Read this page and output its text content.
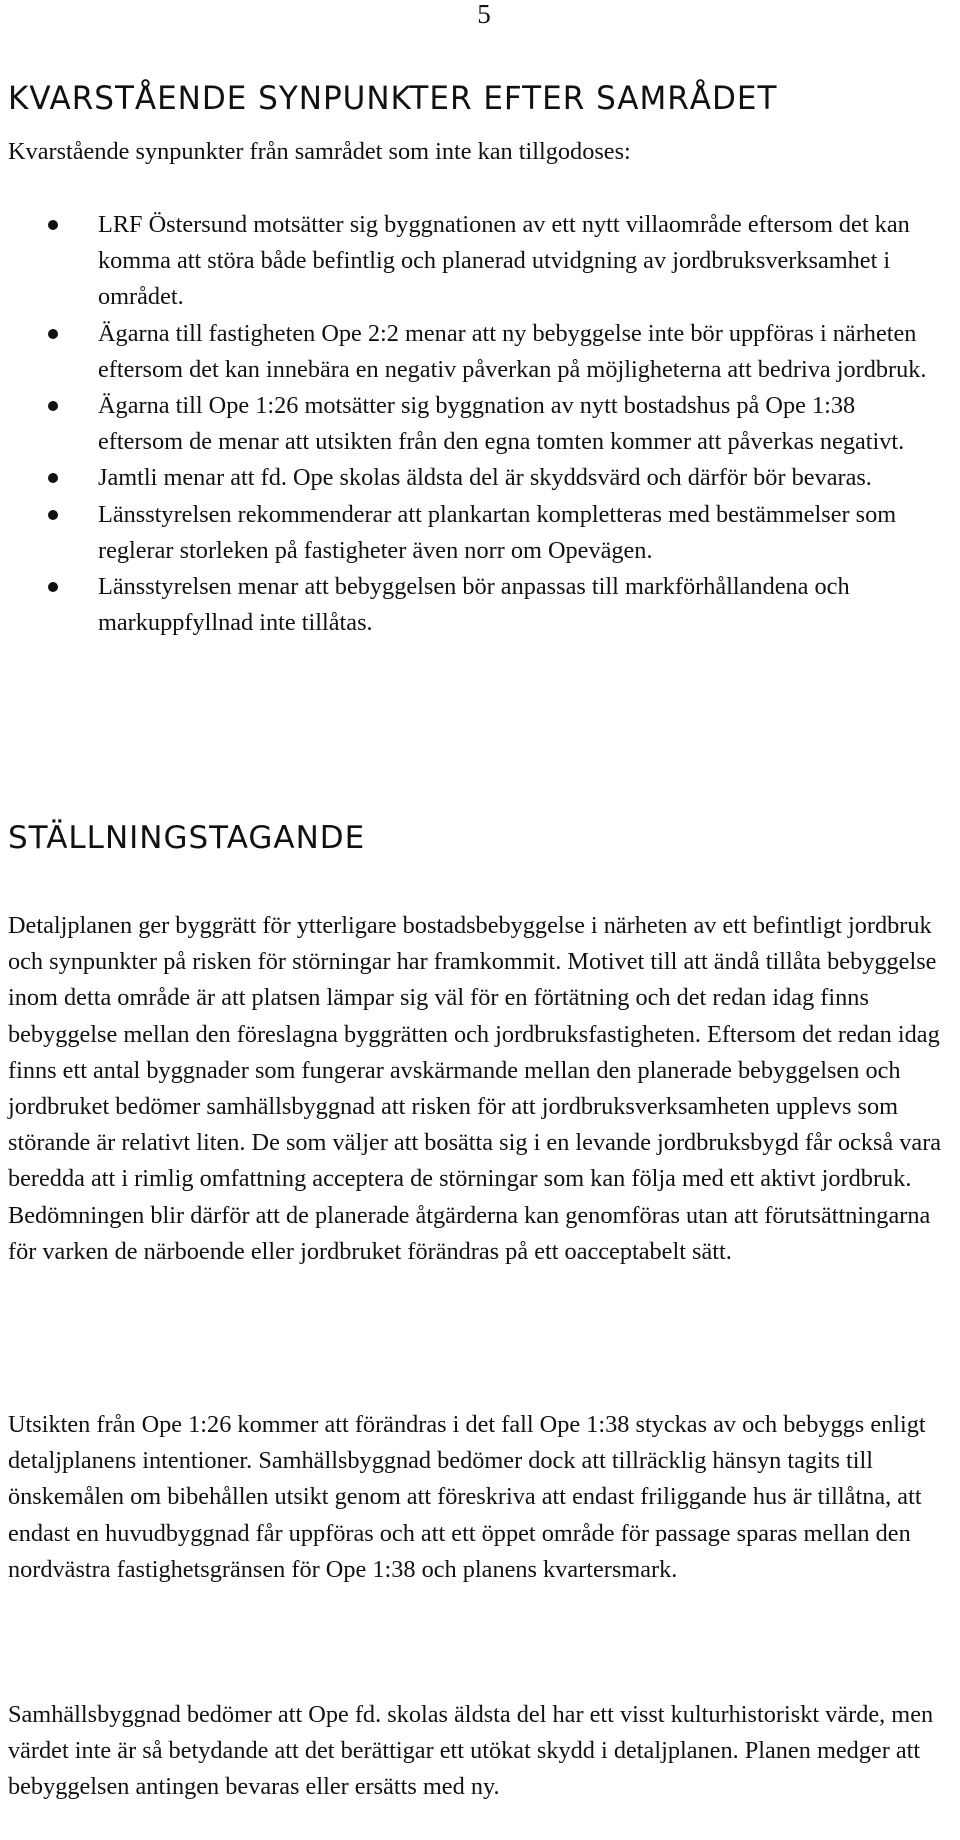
5
KVARSTÅENDE SYNPUNKTER EFTER SAMRÅDET

Kvarstående synpunkter från samrådet som inte kan tillgodoses:

LRF Östersund motsätter sig byggnationen av ett nytt villaområde eftersom det kan komma att störa både befintlig och planerad utvidgning av jordbruksverksamhet i området.
Ägarna till fastigheten Ope 2:2 menar att ny bebyggelse inte bör uppföras i närheten eftersom det kan innebära en negativ påverkan på möjligheterna att bedriva jordbruk.
Ägarna till Ope 1:26 motsätter sig byggnation av nytt bostadshus på Ope 1:38 eftersom de menar att utsikten från den egna tomten kommer att påverkas negativt.
Jamtli menar att fd. Ope skolas äldsta del är skyddsvärd och därför bör bevaras.
Länsstyrelsen rekommenderar att plankartan kompletteras med bestämmelser som reglerar storleken på fastigheter även norr om Opevägen.
Länsstyrelsen menar att bebyggelsen bör anpassas till markförhållandena och markuppfyllnad inte tillåtas.
STÄLLNINGSTAGANDE

Detaljplanen ger byggrätt för ytterligare bostadsbebyggelse i närheten av ett befintligt jordbruk och synpunkter på risken för störningar har framkommit. Motivet till att ändå tillåta bebyggelse inom detta område är att platsen lämpar sig väl för en förtätning och det redan idag finns bebyggelse mellan den föreslagna byggrätten och jordbruksfastigheten. Eftersom det redan idag finns ett antal byggnader som fungerar avskärmande mellan den planerade bebyggelsen och jordbruket bedömer samhällsbyggnad att risken för att jordbruksverksamheten upplevs som störande är relativt liten. De som väljer att bosätta sig i en levande jordbruksbygd får också vara beredda att i rimlig omfattning acceptera de störningar som kan följa med ett aktivt jordbruk. Bedömningen blir därför att de planerade åtgärderna kan genomföras utan att förutsättningarna för varken de närboende eller jordbruket förändras på ett oacceptabelt sätt.

Utsikten från Ope 1:26 kommer att förändras i det fall Ope 1:38 styckas av och bebyggs enligt detaljplanens intentioner. Samhällsbyggnad bedömer dock att tillräcklig hänsyn tagits till önskemålen om bibehållen utsikt genom att föreskriva att endast friliggande hus är tillåtna, att endast en huvudbyggnad får uppföras och att ett öppet område för passage sparas mellan den nordvästra fastighetsgränsen för Ope 1:38 och planens kvartersmark.

Samhällsbyggnad bedömer att Ope fd. skolas äldsta del har ett visst kulturhistoriskt värde, men värdet inte är så betydande att det berättigar ett utökat skydd i detaljplanen. Planen medger att bebyggelsen antingen bevaras eller ersätts med ny.
